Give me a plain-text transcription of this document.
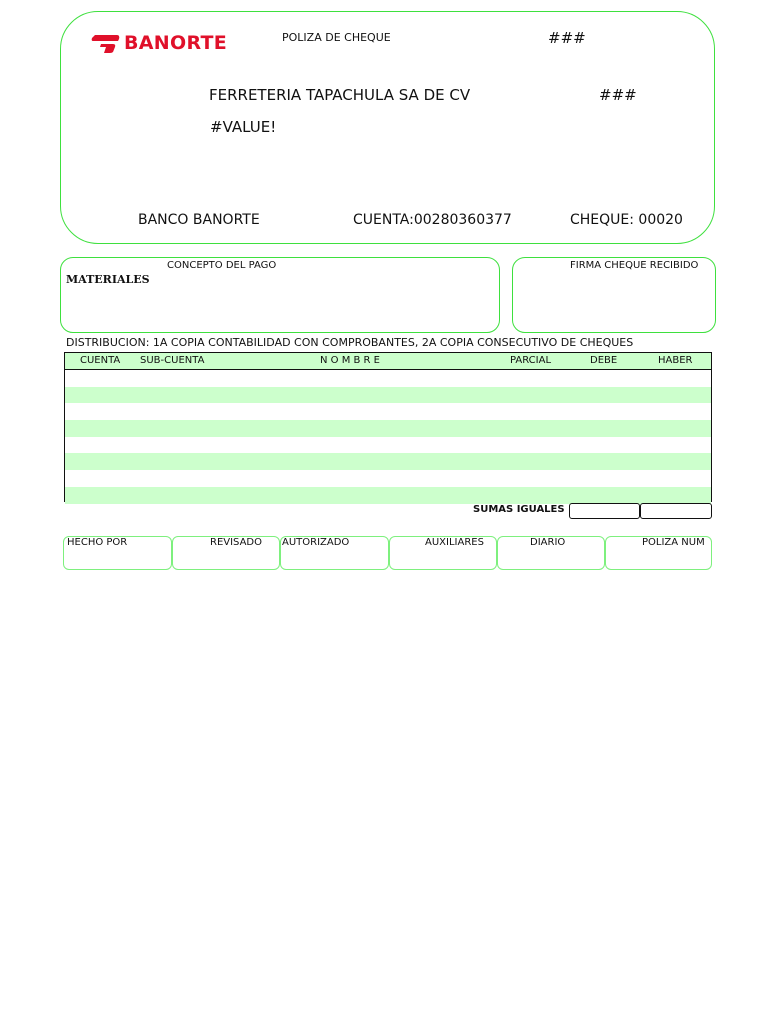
BANORTE	POLIZA DE CHEQUE	###
FERRETERIA TAPACHULA SA DE CV	###
#VALUE!
BANCO BANORTE	CUENTA:00280360377	CHEQUE: 00020
CONCEPTO DEL PAGO
MATERIALES
FIRMA CHEQUE RECIBIDO
DISTRIBUCION: 1A COPIA CONTABILIDAD CON COMPROBANTES, 2A COPIA CONSECUTIVO DE CHEQUES
CUENTA SUB-CUENTA	N O M B R E	PARCIAL	DEBE	HABER
SUMAS IGUALES
HECHO POR	REVISADO AUTORIZADO	AUXILIARES	DIARIO	POLIZA NUM
